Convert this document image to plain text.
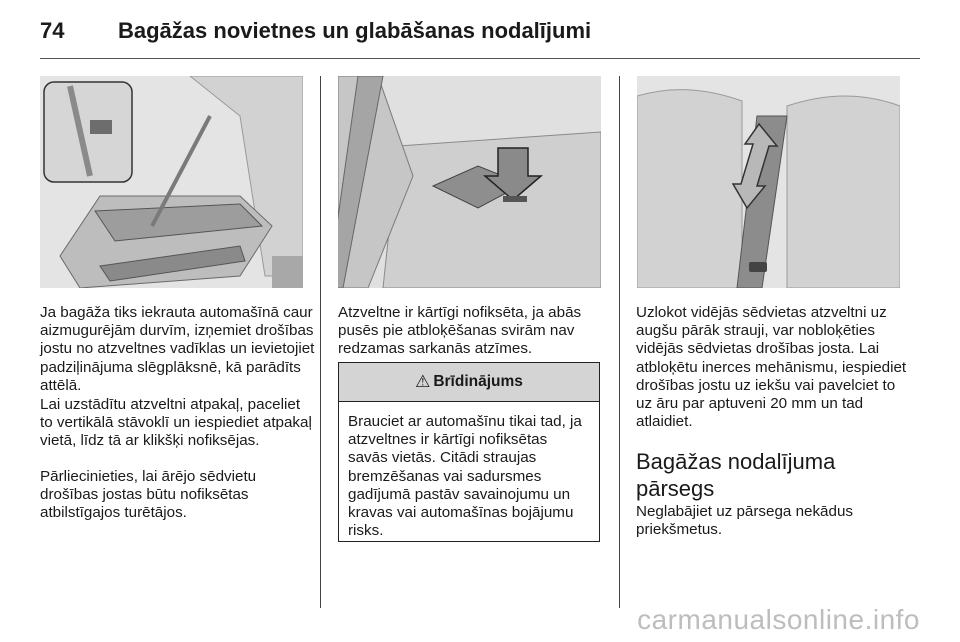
74 Bagāžas novietnes un glabāšanas nodalījumi

Ja bagāža tiks iekrauta automašīnā caur aizmugurējām durvīm, izņemiet drošības jostu no atzveltnes vadīklas un ievietojiet padziļinājuma slēgplāksnē, kā parādīts attēlā.

Lai uzstādītu atzveltni atpakaļ, paceliet to vertikālā stāvoklī un iespiediet atpakaļ vietā, līdz tā ar klikšķi nofiksējas.

Pārliecinieties, lai ārējo sēdvietu drošības jostas būtu nofiksētas atbilstīgajos turētājos.

Atzveltne ir kārtīgi nofiksēta, ja abās pusēs pie atbloķēšanas svirām nav redzamas sarkanās atzīmes.

⚠ Brīdinājums
Brauciet ar automašīnu tikai tad, ja atzveltnes ir kārtīgi nofiksētas savās vietās. Citādi straujas bremzēšanas vai sadursmes gadījumā pastāv savainojumu un kravas vai automašīnas bojājumu risks.

Uzlokot vidējās sēdvietas atzveltni uz augšu pārāk strauji, var nobloķēties vidējās sēdvietas drošības josta. Lai atbloķētu inerces mehānismu, iespiediet drošības jostu uz iekšu vai pavelciet to uz āru par aptuveni 20 mm un tad atlaidiet.

Bagāžas nodalījuma pārsegs

Neglabājiet uz pārsega nekādus priekšmetus.

carmanualsonline.info
